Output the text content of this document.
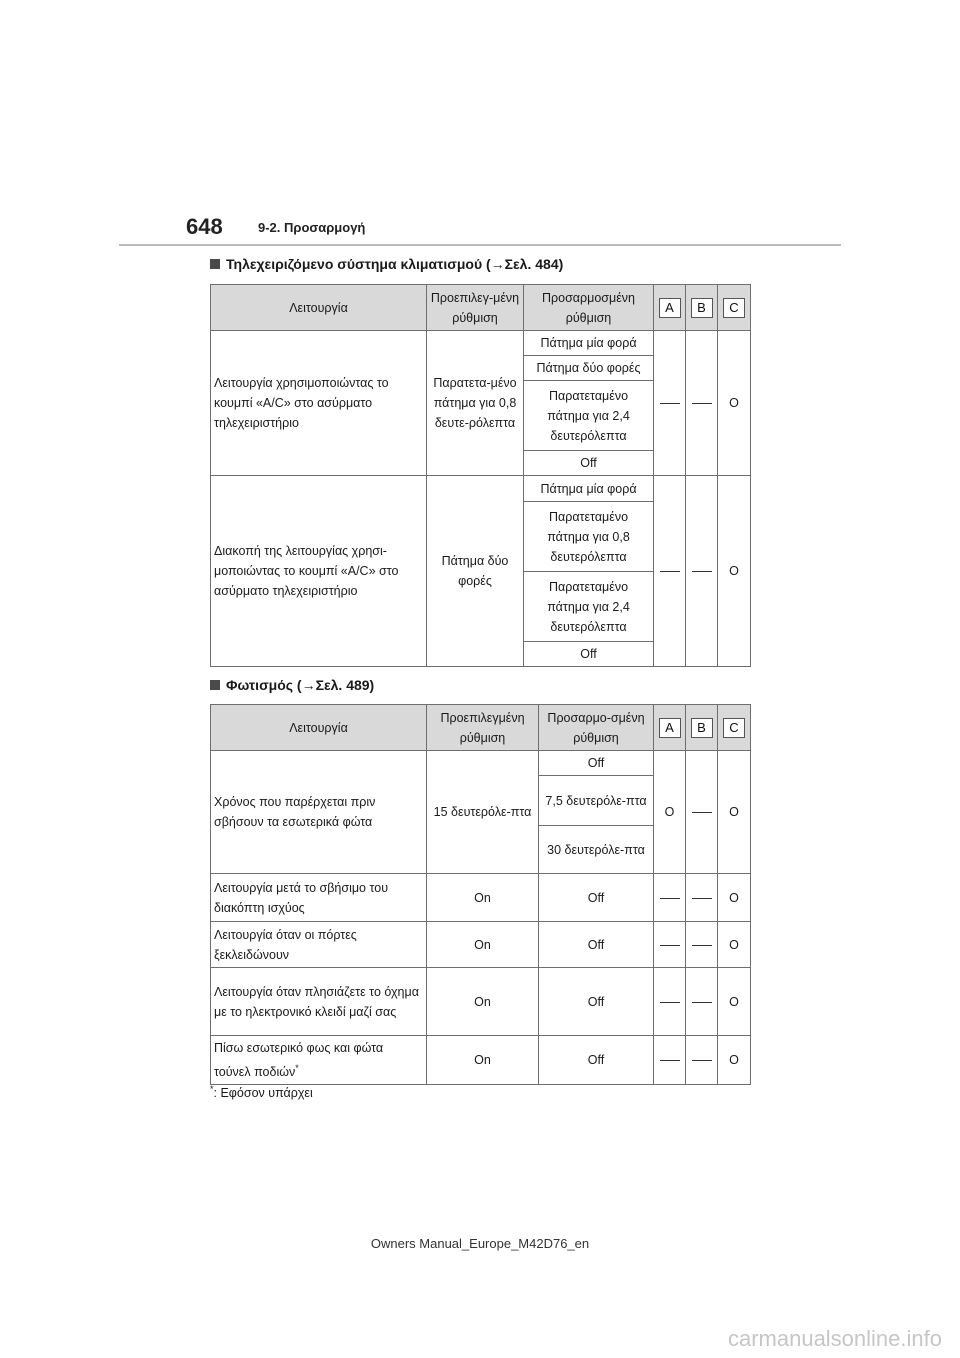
648	9-2. Προσαρμογή
Τηλεχειριζόμενο σύστημα κλιματισμού (→Σελ. 484)
Λειτουργία	Προεπιλεγ-μένη ρύθμιση	Προσαρμοσμένη ρύθμιση	A	B	C
Λειτουργία χρησιμοποιώντας το κουμπί «A/C» στο ασύρματο τηλεχειριστήριο	Παρατετα-μένο πάτημα για 0,8 δευτε-ρόλεπτα	Πάτημα μία φορά			O
		Πάτημα δύο φορές			
		Παρατεταμένο πάτημα για 2,4 δευτερόλεπτα			
		Off			
Διακοπή της λειτουργίας χρησι-μοποιώντας το κουμπί «A/C» στο ασύρματο τηλεχειριστήριο	Πάτημα δύο φορές	Πάτημα μία φορά			O
		Παρατεταμένο πάτημα για 0,8 δευτερόλεπτα			
		Παρατεταμένο πάτημα για 2,4 δευτερόλεπτα			
		Off			
Φωτισμός (→Σελ. 489)
Λειτουργία	Προεπιλεγμένη ρύθμιση	Προσαρμο-σμένη ρύθμιση	A	B	C
Χρόνος που παρέρχεται πριν σβήσουν τα εσωτερικά φώτα	15 δευτερόλε-πτα	Off	O		O
		7,5 δευτερόλε-πτα			
		30 δευτερόλε-πτα			
Λειτουργία μετά το σβήσιμο του διακόπτη ισχύος	On	Off			O
Λειτουργία όταν οι πόρτες ξεκλειδώνουν	On	Off			O
Λειτουργία όταν πλησιάζετε το όχημα με το ηλεκτρονικό κλειδί μαζί σας	On	Off			O
Πίσω εσωτερικό φως και φώτα τούνελ ποδιών*	On	Off			O
*: Εφόσον υπάρχει
Owners Manual_Europe_M42D76_en
carmanualsonline.info
